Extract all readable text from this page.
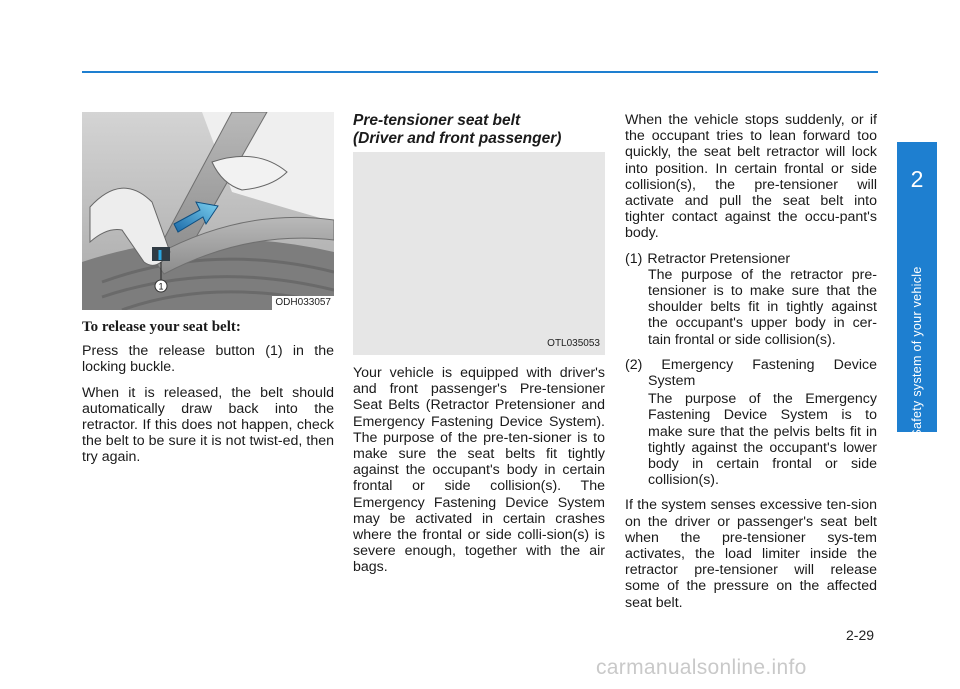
1
ODH033057
To release your seat belt:

Press the release button (1) in the locking buckle.

When it is released, the belt should automatically draw back into the retractor. If this does not happen, check the belt to be sure it is not twist-ed, then try again.

Pre-tensioner seat belt
(Driver and front passenger)
OTL035053

Your vehicle is equipped with driver's and front passenger's Pre-tensioner Seat Belts (Retractor Pretensioner and Emergency Fastening Device System). The purpose of the pre-ten-sioner is to make sure the seat belts fit tightly against the occupant's body in certain frontal or side collision(s). The Emergency Fastening Device System may be activated in certain crashes where the frontal or side colli-sion(s) is severe enough, together with the air bags.

When the vehicle stops suddenly, or if the occupant tries to lean forward too quickly, the seat belt retractor will lock into position. In certain frontal or side collision(s), the pre-tensioner will activate and pull the seat belt into tighter contact against the occu-pant's body.

(1) Retractor Pretensioner

The purpose of the retractor pre-tensioner is to make sure that the shoulder belts fit in tightly against the occupant's upper body in cer-tain frontal or side collision(s).

(2) Emergency Fastening Device
System

The purpose of the Emergency Fastening Device System is to make sure that the pelvis belts fit in tightly against the occupant's lower body in certain frontal or side collision(s).

If the system senses excessive ten-sion on the driver or passenger's seat belt when the pre-tensioner sys-tem activates, the load limiter inside the retractor pre-tensioner will release some of the pressure on the affected seat belt.

2
Safety system of your vehicle
2-29
carmanualsonline.info
